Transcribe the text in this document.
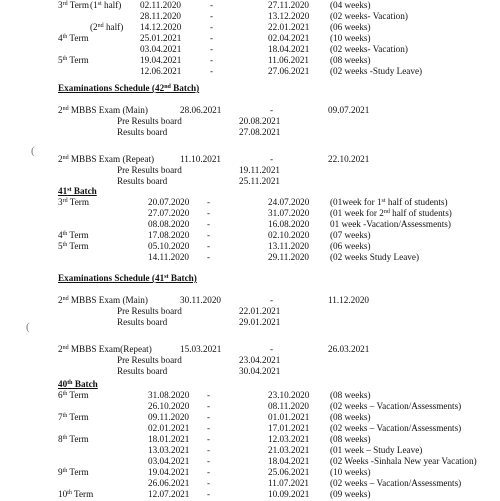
3rd Term (1st half) 02.11.2020	-	27.11.2020 (04 weeks)
28.11.2020	-	13.12.2020 (02 weeks- Vacation)
(2nd half) 14.12.2020	-	22.01.2021 (06 weeks)
4th Term	25.01.2021	-	02.04.2021 (10 weeks)
03.04.2021	-	18.04.2021 (02 weeks- Vacation)
5th Term	19.04.2021	-	11.06.2021 (08 weeks)
12.06.2021	-	27.06.2021 (02 weeks -Study Leave)
Examinations Schedule (42nd Batch)
2nd MBBS Exam (Main)	28.06.2021	-	09.07.2021
Pre Results board	20.08.2021
Results board	27.08.2021
2nd MBBS Exam (Repeat)	11.10.2021	-	22.10.2021
Pre Results board	19.11.2021
Results board	25.11.2021
41st Batch
3rd Term	20.07.2020 -	24.07.2020 (01week for 1st half of students)
27.07.2020 -	31.07.2020 (01 week for 2nd half of students)
08.08.2020 -	16.08.2020 01 week -Vacation/Assessments)
4th Term	17.08.2020 -	02.10.2020 (07 weeks)
5th Term	05.10.2020 -	13.11.2020 (06 weeks)
14.11.2020 -	29.11.2020 (02 weeks Study Leave)
Examinations Schedule (41st Batch)
2nd MBBS Exam (Main)	30.11.2020	-	11.12.2020
Pre Results board	22.01.2021
Results board	29.01.2021
2nd MBBS Exam(Repeat)	15.03.2021	-	26.03.2021
Pre Results board	23.04.2021
Results board	30.04.2021
40th Batch
6th Term	31.08.2020 -	23.10.2020 (08 weeks)
26.10.2020 -	08.11.2020 (02 weeks – Vacation/Assessments)
7th Term	09.11.2020 -	01.01.2021 (08 weeks)
02.01.2021 -	17.01.2021 (02 weeks – Vacation/Assessments)
8th Term	18.01.2021 -	12.03.2021 (08 weeks)
13.03.2021 -	21.03.2021 (01 week – Study Leave)
03.04.2021 -	18.04.2021 (02 Weeks -Sinhala New year Vacation)
9th Term	19.04.2021 -	25.06.2021 (10 weeks)
26.06.2021 -	11.07.2021 (02 weeks – Vacation/Assessments)
10th Term	12.07.2021 -	10.09.2021 (09 weeks)
(
(
